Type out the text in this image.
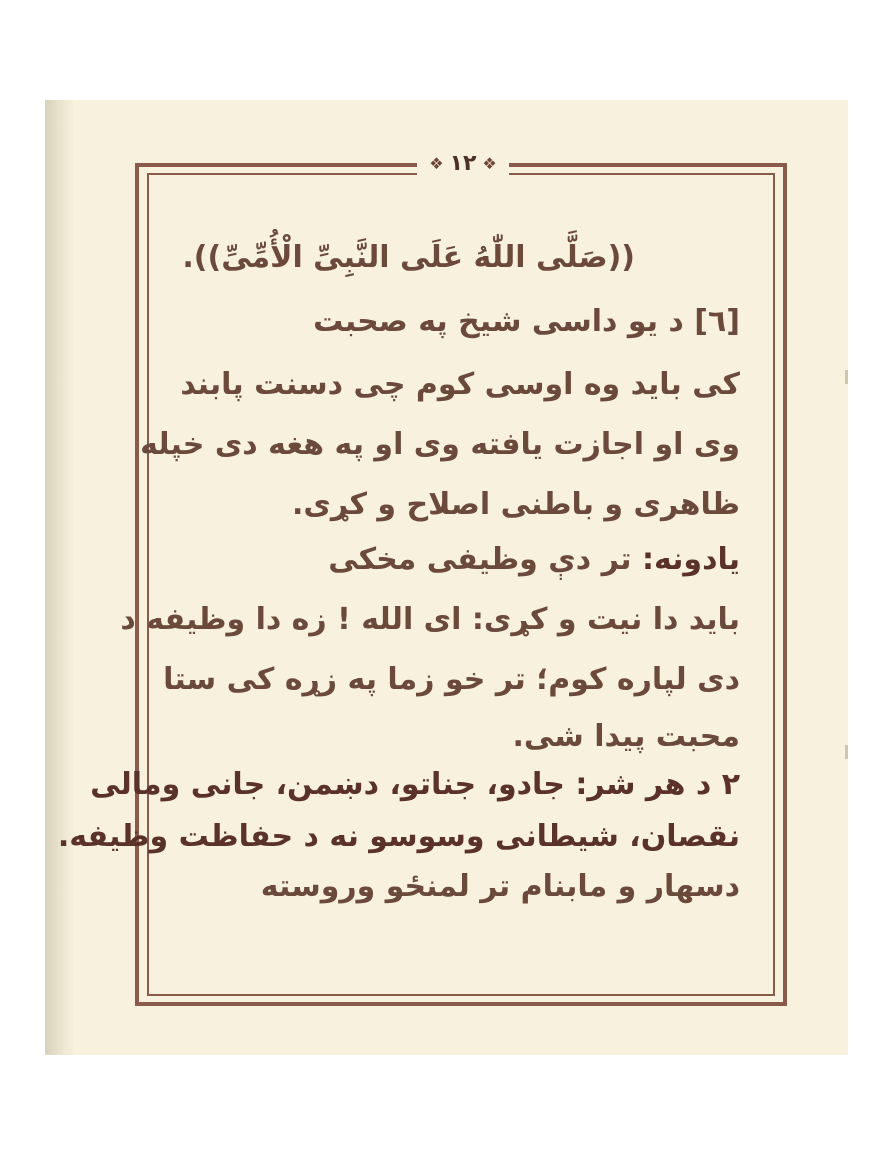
❖ ۱۲ ❖
((صَلَّى اللّٰهُ عَلَى النَّبِیِّ الْأُمِّیِّ)).
[٦] د یو داسی شیخ په صحبت
کی باید وه اوسی کوم چی دسنت پابند
وی او اجازت یافته وی او په هغه دی خپله
ظاهری و باطنی اصلاح و کړی.
یادونه: تر دې وظیفی مخکی
باید دا نیت و کړی: ای الله ! زه دا وظیفه د
دی لپاره کوم؛ تر خو زما په زړه کی ستا
محبت پیدا شی.
٢ د هر شر: جادو، جناتو، دښمن، جانی ومالی
نقصان، شیطانی وسوسو نه د حفاظت وظیفه.
دسهار و مابنام تر لمنځو وروسته
